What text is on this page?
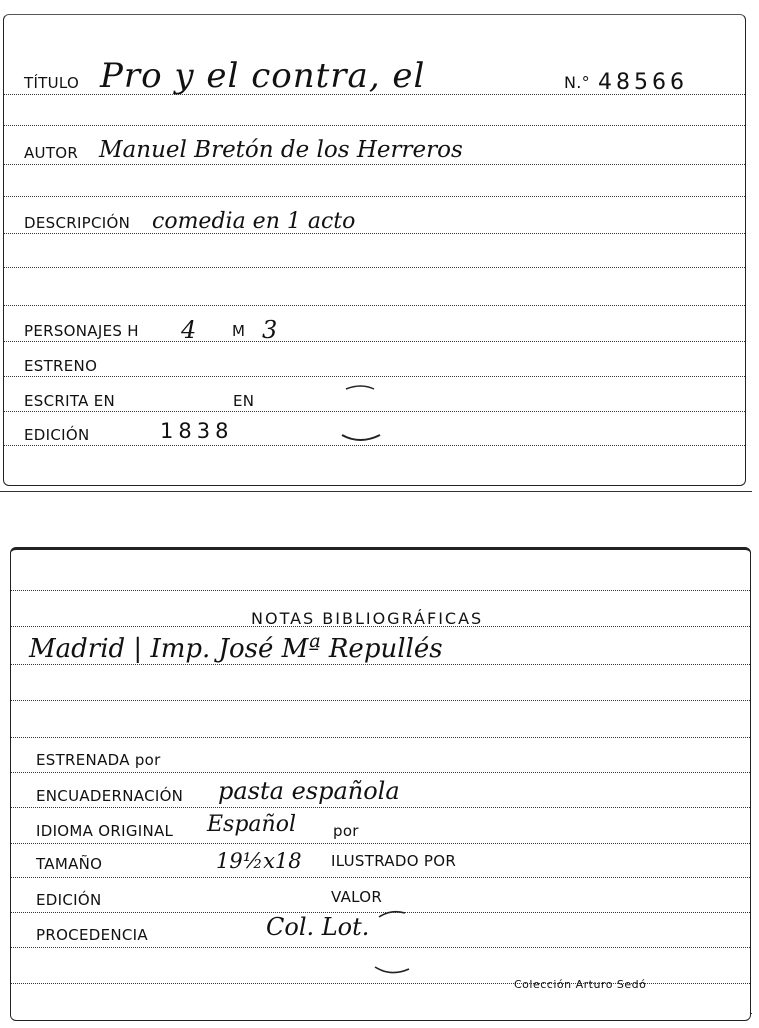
TÍTULO Pro y el contra, el	N.° 48566
AUTOR Manuel Bretón de los Herreros
DESCRIPCIÓN comedia en 1 acto
PERSONAJES H 4 M 3
ESTRENO
ESCRITA EN	EN
EDICIÓN	1838
NOTAS BIBLIOGRÁFICAS
Madrid | Imp. José Mª Repullés
ESTRENADA por
ENCUADERNACIÓN pasta española
IDIOMA ORIGINAL Español por
TAMAÑO	19½x18 ILUSTRADO POR
EDICIÓN	VALOR
PROCEDENCIA	Col. Lot.
Colección Arturo Sedó
